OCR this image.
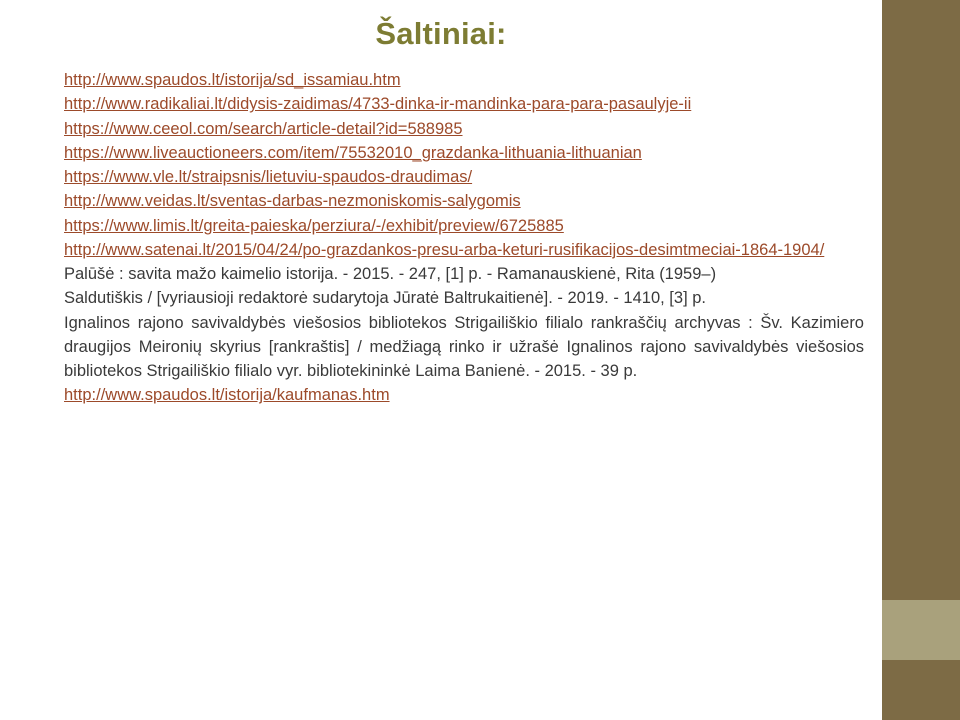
Šaltiniai:

http://www.spaudos.lt/istorija/sd_issamiau.htm

http://www.radikaliai.lt/didysis-zaidimas/4733-dinka-ir-mandinka-para-para-pasaulyje-ii

https://www.ceeol.com/search/article-detail?id=588985

https://www.liveauctioneers.com/item/75532010_grazdanka-lithuania-lithuanian

https://www.vle.lt/straipsnis/lietuviu-spaudos-draudimas/

http://www.veidas.lt/sventas-darbas-nezmoniskomis-salygomis

https://www.limis.lt/greita-paieska/perziura/-/exhibit/preview/6725885

http://www.satenai.lt/2015/04/24/po-grazdankos-presu-arba-keturi-rusifikacijos-desimtmeciai-1864-1904/

Palūšė : savita mažo kaimelio istorija. - 2015. - 247, [1] p. - Ramanauskienė, Rita (1959–)

Saldutiškis / [vyriausioji redaktorė sudarytoja Jūratė Baltrukaitienė]. - 2019. - 1410, [3] p.

Ignalinos rajono savivaldybės viešosios bibliotekos Strigailiškio filialo rankraščių archyvas : Šv. Kazimiero draugijos Meironių skyrius [rankraštis] / medžiagą rinko ir užrašė Ignalinos rajono savivaldybės viešosios bibliotekos Strigailiškio filialo vyr. bibliotekininkė Laima Banienė. - 2015. - 39 p.

http://www.spaudos.lt/istorija/kaufmanas.htm
